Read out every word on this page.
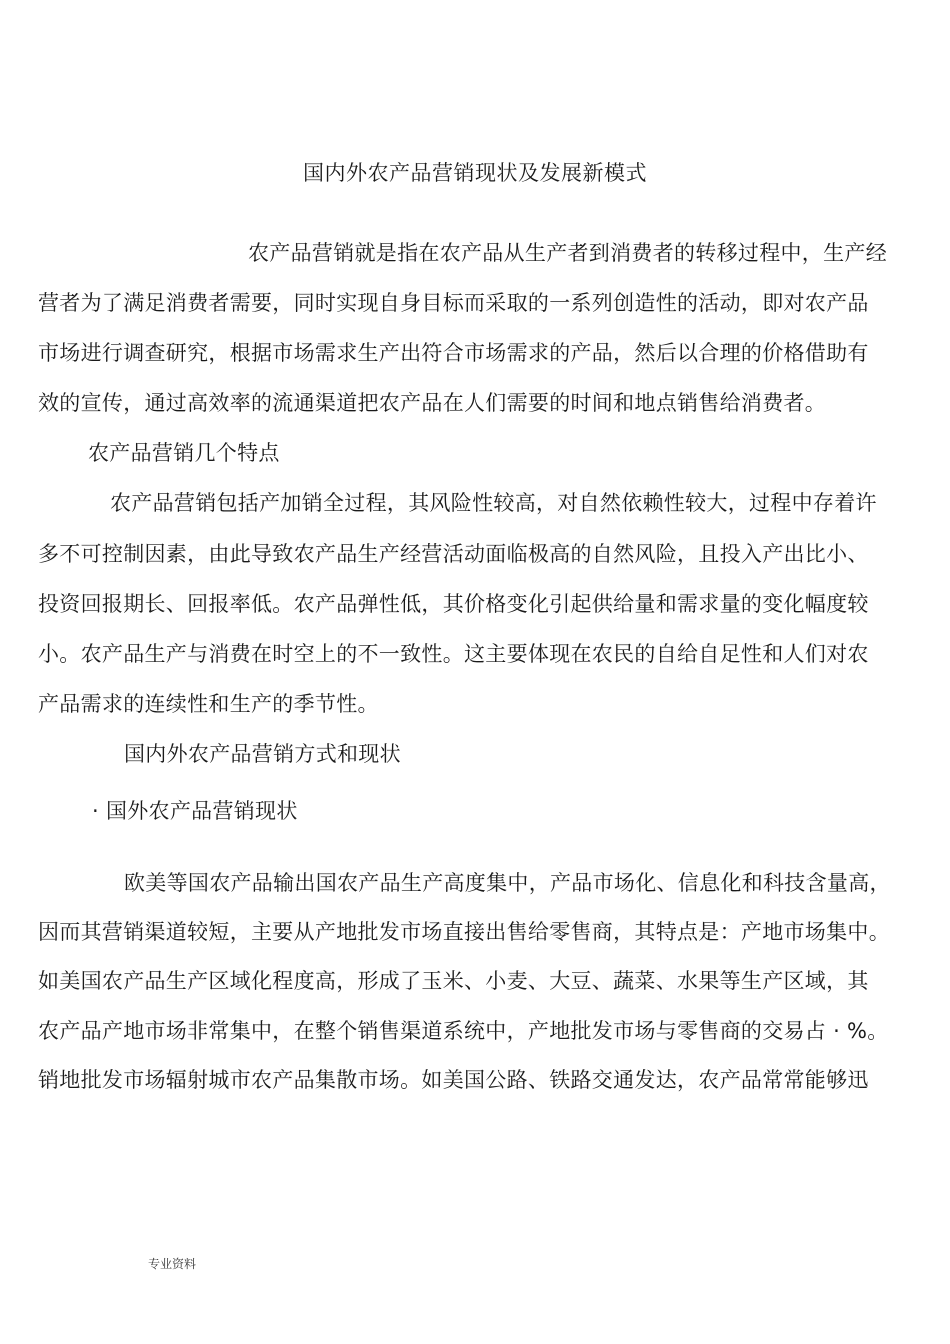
国内外农产品营销现状及发展新模式
农产品营销就是指在农产品从生产者到消费者的转移过程中，生产经
营者为了满足消费者需要，同时实现自身目标而采取的一系列创造性的活动，即对农产品
市场进行调查研究，根据市场需求生产出符合市场需求的产品，然后以合理的价格借助有
效的宣传，通过高效率的流通渠道把农产品在人们需要的时间和地点销售给消费者。
农产品营销几个特点
农产品营销包括产加销全过程，其风险性较高，对自然依赖性较大，过程中存着许
多不可控制因素，由此导致农产品生产经营活动面临极高的自然风险，且投入产出比小、
投资回报期长、回报率低。农产品弹性低，其价格变化引起供给量和需求量的变化幅度较
小。农产品生产与消费在时空上的不一致性。这主要体现在农民的自给自足性和人们对农
产品需求的连续性和生产的季节性。
国内外农产品营销方式和现状
· 国外农产品营销现状
欧美等国农产品输出国农产品生产高度集中，产品市场化、信息化和科技含量高，
因而其营销渠道较短，主要从产地批发市场直接出售给零售商，其特点是：产地市场集中。
如美国农产品生产区域化程度高，形成了玉米、小麦、大豆、蔬菜、水果等生产区域，其
农产品产地市场非常集中，在整个销售渠道系统中，产地批发市场与零售商的交易占 · %。
销地批发市场辐射城市农产品集散市场。如美国公路、铁路交通发达，农产品常常能够迅
专业资料
